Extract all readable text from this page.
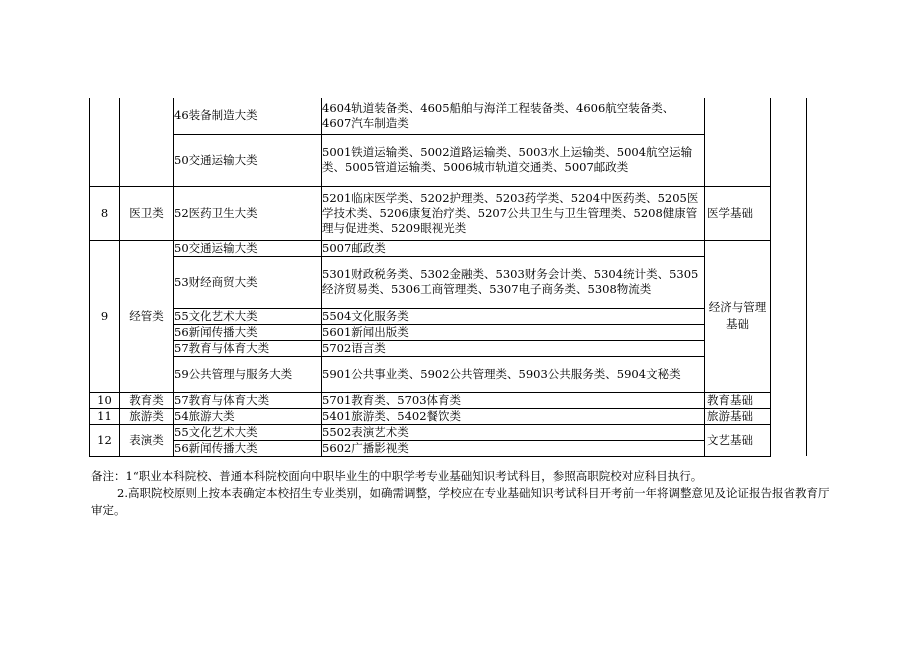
		46装备制造大类	4604轨道装备类、4605船舶与海洋工程装备类、4606航空装备类、4607汽车制造类		
		50交通运输大类	5001铁道运输类、5002道路运输类、5003水上运输类、5004航空运输类、5005管道运输类、5006城市轨道交通类、5007邮政类		
8	医卫类	52医药卫生大类	5201临床医学类、5202护理类、5203药学类、5204中医药类、5205医学技术类、5206康复治疗类、5207公共卫生与卫生管理类、5208健康管理与促进类、5209眼视光类	医学基础	
9	经管类	50交通运输大类	5007邮政类	经济与管理基础	
		53财经商贸大类	5301财政税务类、5302金融类、5303财务会计类、5304统计类、5305经济贸易类、5306工商管理类、5307电子商务类、5308物流类		
		55文化艺术大类	5504文化服务类		
		56新闻传播大类	5601新闻出版类		
		57教育与体育大类	5702语言类		
		59公共管理与服务大类	5901公共事业类、5902公共管理类、5903公共服务类、5904文秘类		
10	教育类	57教育与体育大类	5701教育类、5703体育类	教育基础	
11	旅游类	54旅游大类	5401旅游类、5402餐饮类	旅游基础	
12	表演类	55文化艺术大类	5502表演艺术类	文艺基础	
		56新闻传播大类	5602广播影视类		
备注：1“职业本科院校、普通本科院校面向中职毕业生的中职学考专业基础知识考试科目，参照高职院校对应科目执行。
2.高职院校原则上按本表确定本校招生专业类别，如确需调整，学校应在专业基础知识考试科目开考前一年将调整意见及论证报告报省教育厅审定。
